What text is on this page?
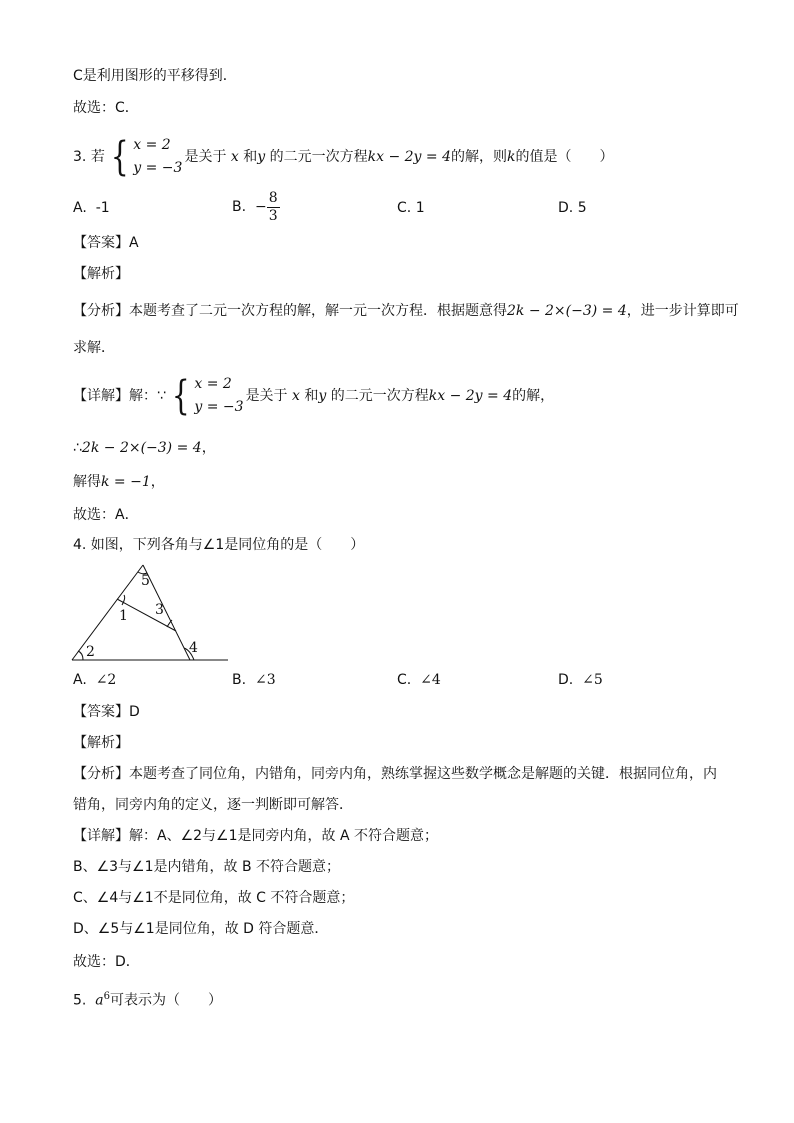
C是利用图形的平移得到．
故选：C．
3. 若 { x = 2
y = −3
是关于 x 和y 的二元一次方程kx − 2y = 4的解，则k的值是（　　）
A. -1	B. − $\frac{8}{3}$	C. 1	D. 5
【答案】A
【解析】
【分析】本题考查了二元一次方程的解，解一元一次方程．根据题意得2k − 2×(−3) = 4，进一步计算即可
求解．
【详解】解：∵ { x = 2
y = −3
是关于 x 和y 的二元一次方程kx − 2y = 4的解，
∴2k − 2×(−3) = 4，
解得k = −1，
故选：A．
4. 如图，下列各角与∠1是同位角的是（　　）
5
1 3
2	4
A. ∠2	B. ∠3	C. ∠4	D. ∠5
【答案】D
【解析】
【分析】本题考查了同位角，内错角，同旁内角，熟练掌握这些数学概念是解题的关键．根据同位角，内
错角，同旁内角的定义，逐一判断即可解答．
【详解】解：A、∠2与∠1是同旁内角，故 A 不符合题意；
B、∠3与∠1是内错角，故 B 不符合题意；
C、∠4与∠1不是同位角，故 C 不符合题意；
D、∠5与∠1是同位角，故 D 符合题意．
故选：D．
5. $a^6$可表示为（　　）
